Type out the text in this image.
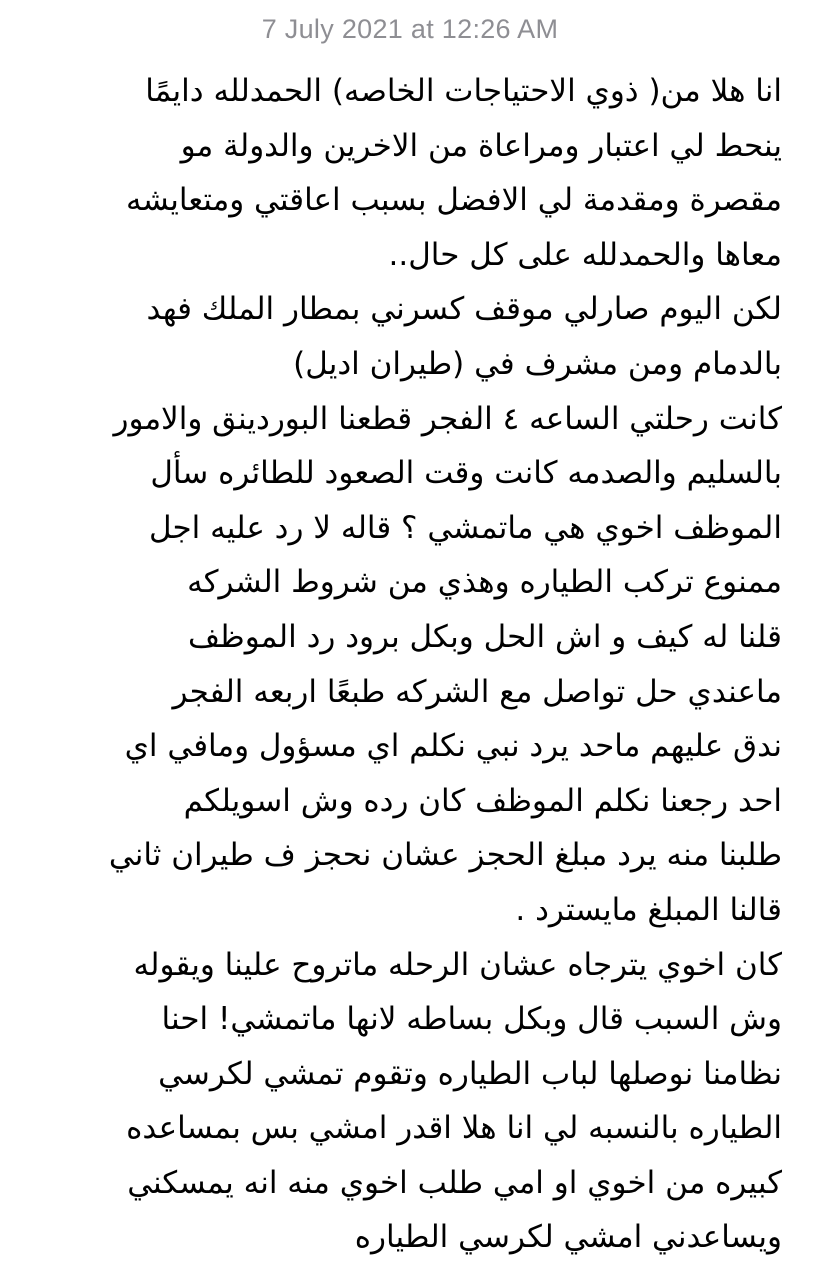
7 July 2021 at 12:26 AM
انا هلا من( ذوي الاحتياجات الخاصه) الحمدلله دايمًا
ينحط لي اعتبار ومراعاة من الاخرين والدولة مو
مقصرة ومقدمة لي الافضل بسبب اعاقتي ومتعايشه
معاها والحمدلله على كل حال..
لكن اليوم صارلي موقف كسرني بمطار الملك فهد
بالدمام ومن مشرف في (طيران اديل)
كانت رحلتي الساعه ٤ الفجر قطعنا البوردينق والامور
بالسليم والصدمه كانت وقت الصعود للطائره سأل
الموظف اخوي هي ماتمشي ؟ قاله لا رد عليه اجل
ممنوع تركب الطياره وهذي من شروط الشركه
قلنا له كيف و اش الحل وبكل برود رد الموظف
ماعندي حل تواصل مع الشركه طبعًا اربعه الفجر
ندق عليهم ماحد يرد نبي نكلم اي مسؤول ومافي اي
احد رجعنا نكلم الموظف كان رده وش اسويلكم
طلبنا منه يرد مبلغ الحجز عشان نحجز ف طيران ثاني
قالنا المبلغ مايسترد .
كان اخوي يترجاه عشان الرحله ماتروح علينا ويقوله
وش السبب قال وبكل بساطه لانها ماتمشي! احنا
نظامنا نوصلها لباب الطياره وتقوم تمشي لكرسي
الطياره بالنسبه لي انا هلا اقدر امشي بس بمساعده
كبيره من اخوي او امي طلب اخوي منه انه يمسكني
ويساعدني امشي لكرسي الطياره
